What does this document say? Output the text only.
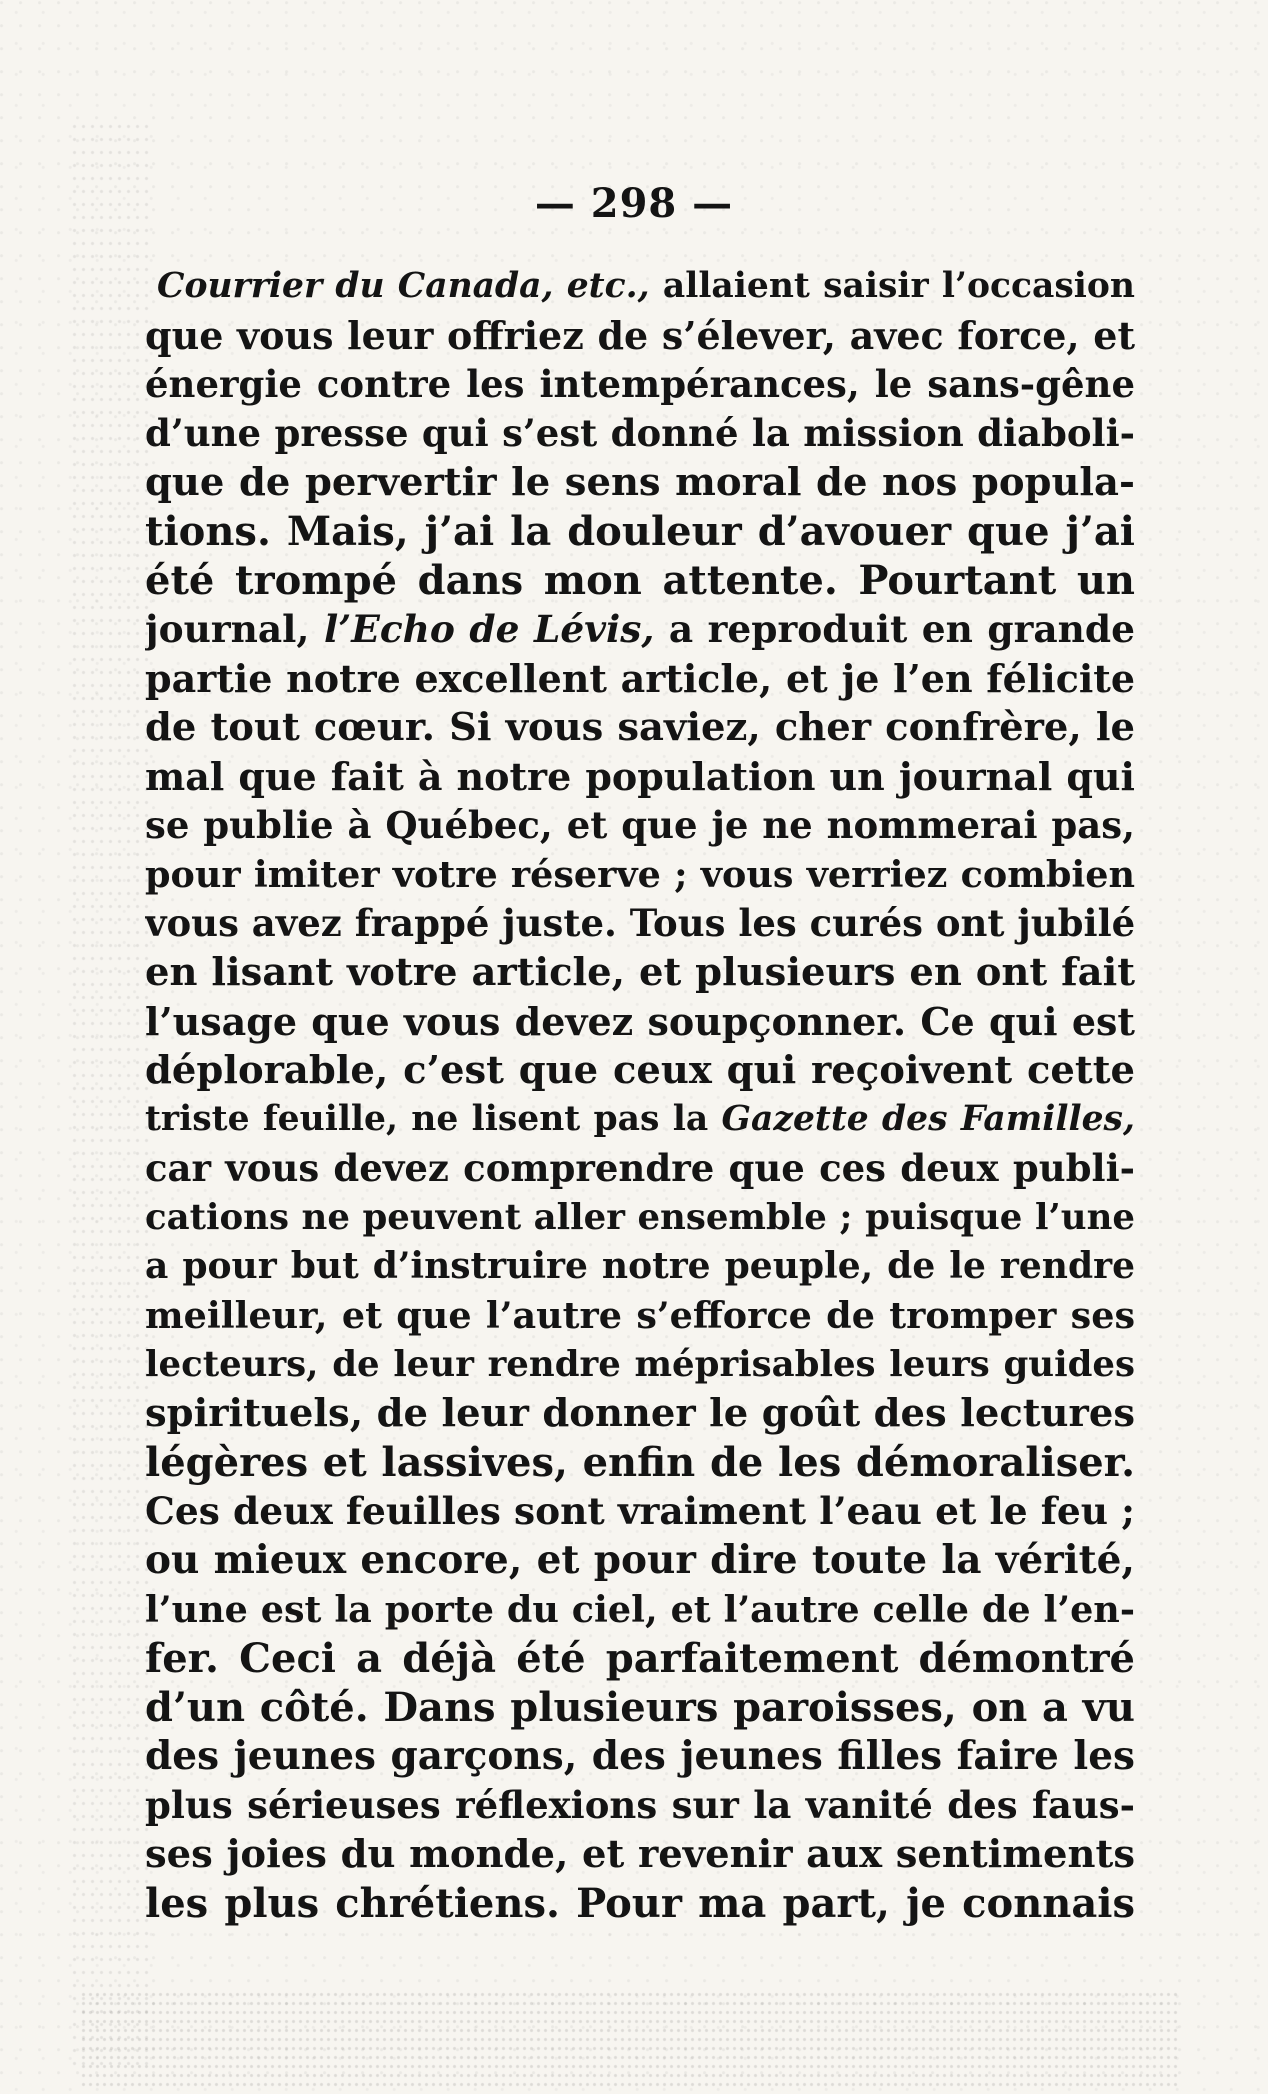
— 298 —
Courrier du Canada, etc., allaient saisir l’occasion
que vous leur offriez de s’élever, avec force, et
énergie contre les intempérances, le sans-gêne
d’une presse qui s’est donné la mission diaboli-
que de pervertir le sens moral de nos popula-
tions. Mais, j’ai la douleur d’avouer que j’ai
été trompé dans mon attente. Pourtant un
journal, l’Echo de Lévis, a reproduit en grande
partie notre excellent article, et je l’en félicite
de tout cœur. Si vous saviez, cher confrère, le
mal que fait à notre population un journal qui
se publie à Québec, et que je ne nommerai pas,
pour imiter votre réserve ; vous verriez combien
vous avez frappé juste. Tous les curés ont jubilé
en lisant votre article, et plusieurs en ont fait
l’usage que vous devez soupçonner. Ce qui est
déplorable, c’est que ceux qui reçoivent cette
triste feuille, ne lisent pas la Gazette des Familles,
car vous devez comprendre que ces deux publi-
cations ne peuvent aller ensemble ; puisque l’une
a pour but d’instruire notre peuple, de le rendre
meilleur, et que l’autre s’efforce de tromper ses
lecteurs, de leur rendre méprisables leurs guides
spirituels, de leur donner le goût des lectures
légères et lassives, enfin de les démoraliser.
Ces deux feuilles sont vraiment l’eau et le feu ;
ou mieux encore, et pour dire toute la vérité,
l’une est la porte du ciel, et l’autre celle de l’en-
fer. Ceci a déjà été parfaitement démontré
d’un côté. Dans plusieurs paroisses, on a vu
des jeunes garçons, des jeunes filles faire les
plus sérieuses réflexions sur la vanité des faus-
ses joies du monde, et revenir aux sentiments
les plus chrétiens. Pour ma part, je connais
